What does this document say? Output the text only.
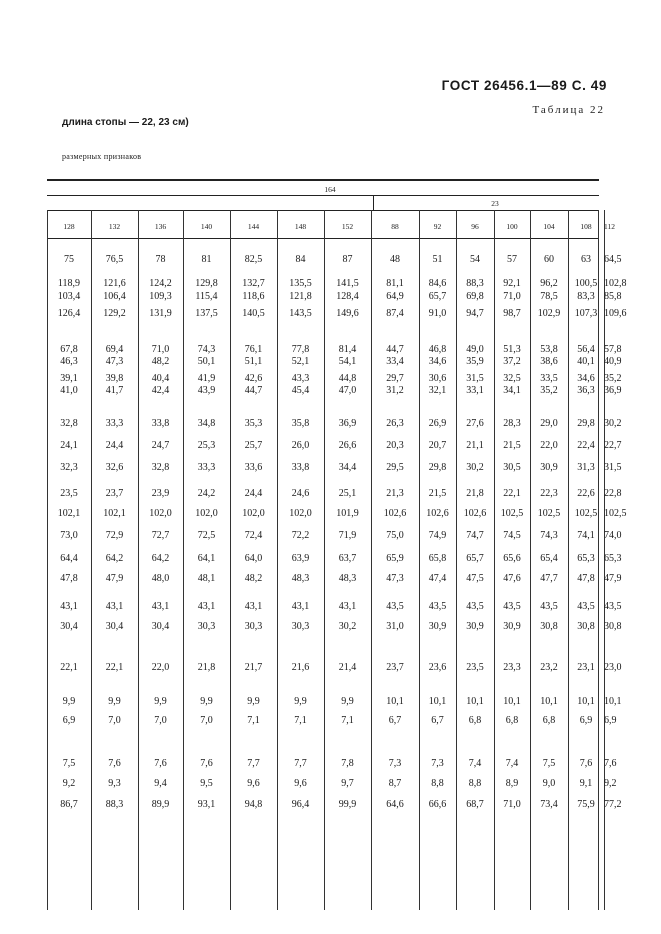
ГОСТ 26456.1—89 С. 49
Таблица 22
длина стопы — 22, 23 см)
размерных признаков
164
23
128	132	136	140	144	148	152	88	92	96	100	104	108	112
75	76,5	78	81	82,5	84	87	48	51	54	57	60	63	64,5
118,9	121,6	124,2	129,8	132,7	135,5	141,5	81,1	84,6	88,3	92,1	96,2	100,5 102,8
103,4	106,4	109,3	115,4	118,6	121,8	128,4	64,9	65,7	69,8	71,0	78,5	83,3 85,8
126,4	129,2	131,9	137,5	140,5	143,5	149,6	87,4	91,0	94,7	98,7	102,9	107,3 109,6
67,8	69,4	71,0	74,3	76,1	77,8	81,4	44,7	46,8	49,0	51,3	53,8	56,4 57,8
46,3	47,3	48,2	50,1	51,1	52,1	54,1	33,4	34,6	35,9	37,2	38,6	40,1 40,9
39,1	39,8	40,4	41,9	42,6	43,3	44,8	29,7	30,6	31,5	32,5	33,5	34,6 35,2
41,0	41,7	42,4	43,9	44,7	45,4	47,0	31,2	32,1	33,1	34,1	35,2	36,3 36,9
32,8	33,3	33,8	34,8	35,3	35,8	36,9	26,3	26,9	27,6	28,3	29,0	29,8 30,2
24,1	24,4	24,7	25,3	25,7	26,0	26,6	20,3	20,7	21,1	21,5	22,0	22,4 22,7
32,3	32,6	32,8	33,3	33,6	33,8	34,4	29,5	29,8	30,2	30,5	30,9	31,3 31,5
23,5	23,7	23,9	24,2	24,4	24,6	25,1	21,3	21,5	21,8	22,1	22,3	22,6 22,8
102,1	102,1	102,0	102,0	102,0	102,0	101,9	102,6	102,6	102,6	102,5	102,5	102,5 102,5
73,0	72,9	72,7	72,5	72,4	72,2	71,9	75,0	74,9	74,7	74,5	74,3	74,1 74,0
64,4	64,2	64,2	64,1	64,0	63,9	63,7	65,9	65,8	65,7	65,6	65,4	65,3 65,3
47,8	47,9	48,0	48,1	48,2	48,3	48,3	47,3	47,4	47,5	47,6	47,7	47,8 47,9
43,1	43,1	43,1	43,1	43,1	43,1	43,1	43,5	43,5	43,5	43,5	43,5	43,5 43,5
30,4	30,4	30,4	30,3	30,3	30,3	30,2	31,0	30,9	30,9	30,9	30,8	30,8 30,8
22,1	22,1	22,0	21,8	21,7	21,6	21,4	23,7	23,6	23,5	23,3	23,2	23,1 23,0
9,9	9,9	9,9	9,9	9,9	9,9	9,9	10,1	10,1	10,1	10,1	10,1	10,1 10,1
6,9	7,0	7,0	7,0	7,1	7,1	7,1	6,7	6,7	6,8	6,8	6,8	6,9	6,9
7,5	7,6	7,6	7,6	7,7	7,7	7,8	7,3	7,3	7,4	7,4	7,5	7,6	7,6
9,2	9,3	9,4	9,5	9,6	9,6	9,7	8,7	8,8	8,8	8,9	9,0	9,1	9,2
86,7	88,3	89,9	93,1	94,8	96,4	99,9	64,6	66,6	68,7	71,0	73,4	75,9 77,2
